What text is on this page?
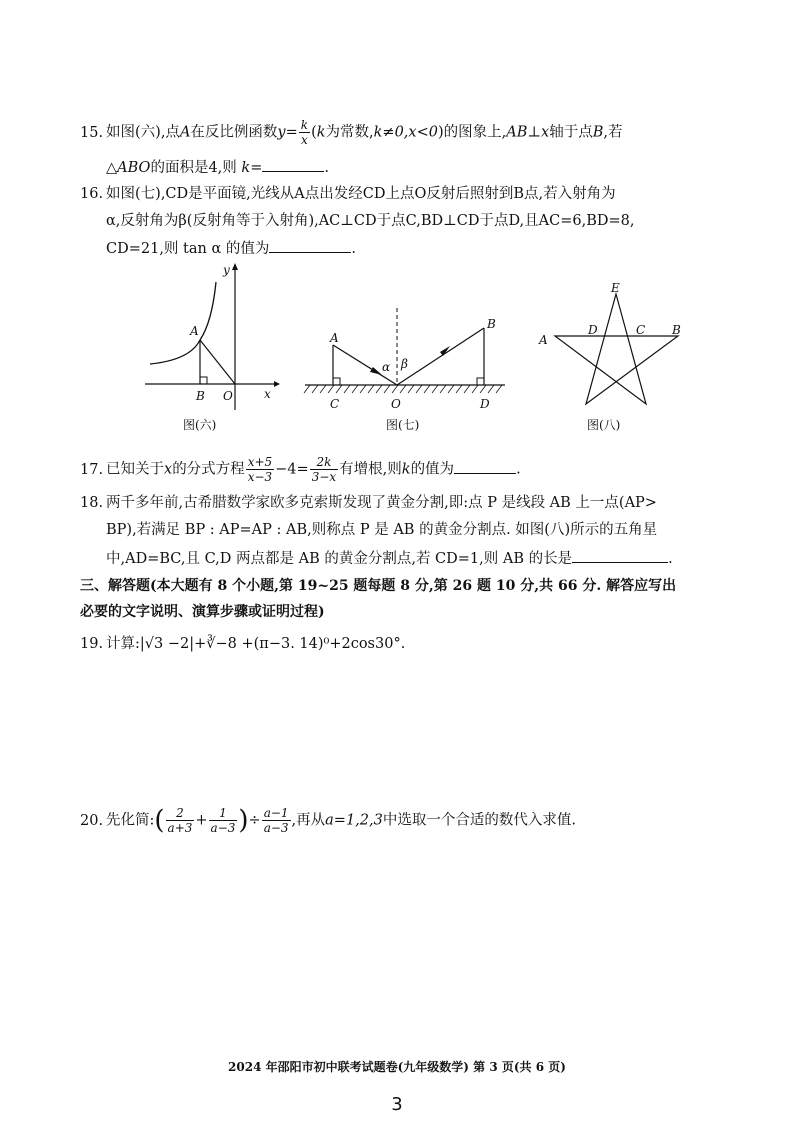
15. 如图(六),点A在反比例函数$y= \frac{k}{x} (k$为常数,k≠0,x<0)的图象上,AB⊥x轴于点B,若
△ABO的面积是4,则 k=	.
16. 如图(七),CD是平面镜,光线从A点出发经CD上点O反射后照射到B点,若入射角为
α,反射角为β(反射角等于入射角),AC⊥CD于点C,BD⊥CD于点D,且AC=6,BD=8,
CD=21,则 tan α 的值为	.
A
B O	x
y
图(六)
A
B
C	O	D
α β
图(七)
E
A
B
C
D
图(八)
17. 已知关于x的分式方程 $\frac{x+5}{x-3} -4= \frac{2k}{3-x}$ 有增根,则k的值为	.
18. 两千多年前,古希腊数学家欧多克索斯发现了黄金分割,即:点 P 是线段 AB 上一点(AP>
BP),若满足 BP : AP=AP : AB,则称点 P 是 AB 的黄金分割点. 如图(八)所示的五角星
中,AD=BC,且 C,D 两点都是 AB 的黄金分割点,若 CD=1,则 AB 的长是	.
三、解答题(本大题有 8 个小题,第 19~25 题每题 8 分,第 26 题 10 分,共 66 分. 解答应写出
必要的文字说明、演算步骤或证明过程)
19. 计算:|√3 −2|+∛−8 +(π−3. 14)⁰+2cos30°.
20. 先化简:( $\frac{2}{a+3} + \frac{1}{a-3}$ )÷ $\frac{a-1}{a-3}$ ,再从a=1,2,3中选取一个合适的数代入求值.
2024 年邵阳市初中联考试题卷(九年级数学) 第 3 页(共 6 页)
3
